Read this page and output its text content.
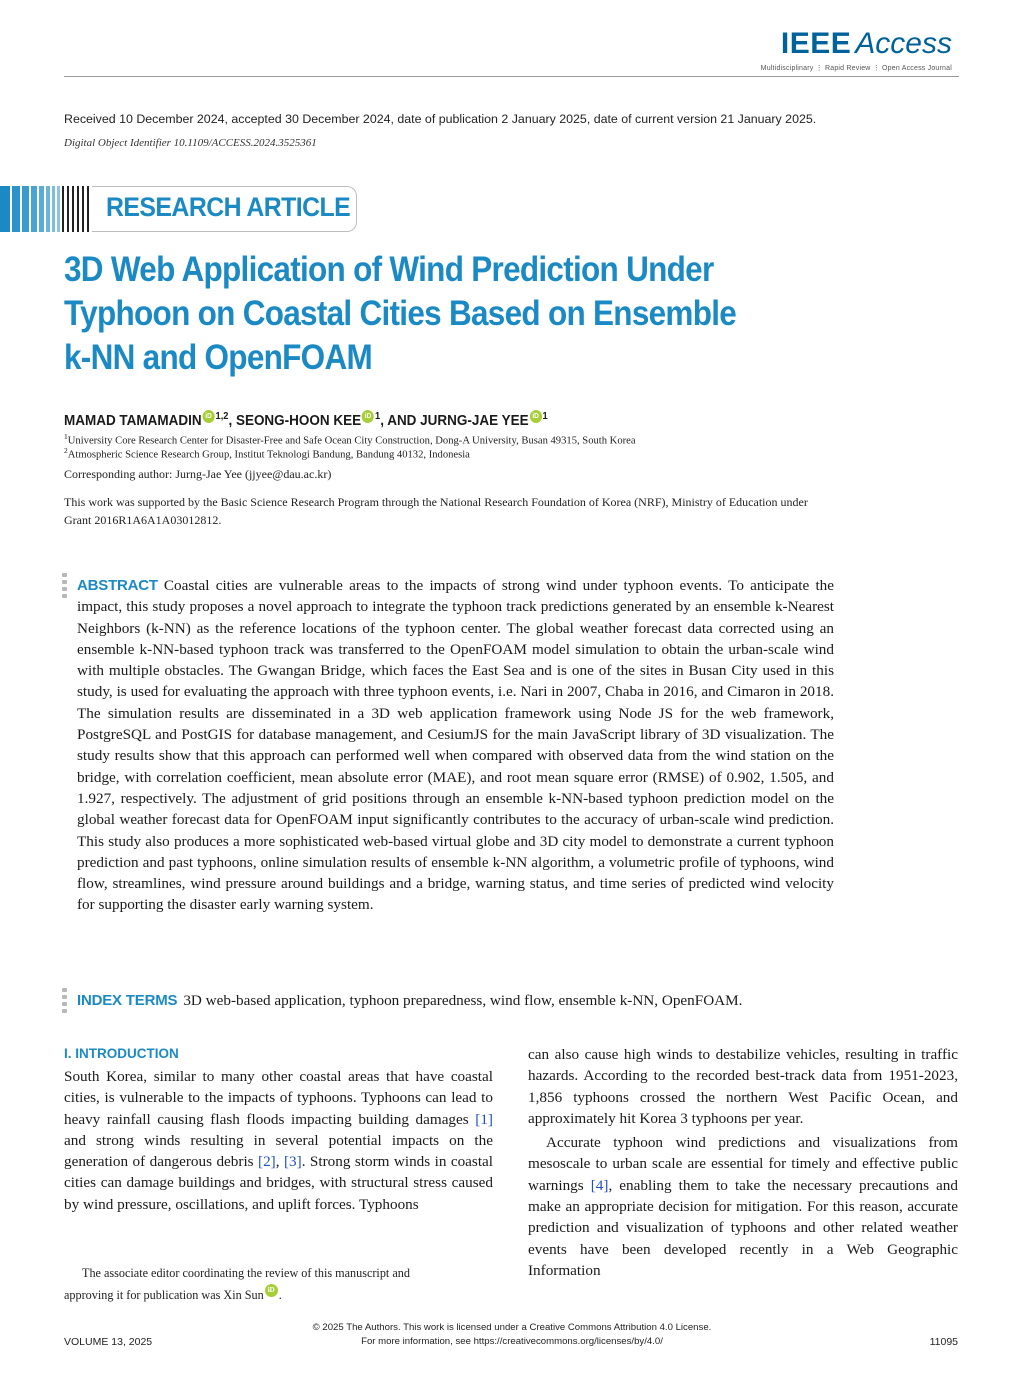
IEEE Access
Multidisciplinary ⋮ Rapid Review ⋮ Open Access Journal
Received 10 December 2024, accepted 30 December 2024, date of publication 2 January 2025, date of current version 21 January 2025.
Digital Object Identifier 10.1109/ACCESS.2024.3525361
RESEARCH ARTICLE
3D Web Application of Wind Prediction Under
Typhoon on Coastal Cities Based on Ensemble
k-NN and OpenFOAM
MAMAD TAMAMADIN iD $^{1,2}$, SEONG-HOON KEE iD $^1$, AND JURNG-JAE YEE iD $^1$
$^1$University Core Research Center for Disaster-Free and Safe Ocean City Construction, Dong-A University, Busan 49315, South Korea
$^2$Atmospheric Science Research Group, Institut Teknologi Bandung, Bandung 40132, Indonesia
Corresponding author: Jurng-Jae Yee (jjyee@dau.ac.kr)
This work was supported by the Basic Science Research Program through the National Research Foundation of Korea (NRF), Ministry of Education under Grant 2016R1A6A1A03012812.
ABSTRACT Coastal cities are vulnerable areas to the impacts of strong wind under typhoon events. To anticipate the impact, this study proposes a novel approach to integrate the typhoon track predictions generated by an ensemble k-Nearest Neighbors (k-NN) as the reference locations of the typhoon center. The global weather forecast data corrected using an ensemble k-NN-based typhoon track was transferred to the OpenFOAM model simulation to obtain the urban-scale wind with multiple obstacles. The Gwangan Bridge, which faces the East Sea and is one of the sites in Busan City used in this study, is used for evaluating the approach with three typhoon events, i.e. Nari in 2007, Chaba in 2016, and Cimaron in 2018. The simulation results are disseminated in a 3D web application framework using Node JS for the web framework, PostgreSQL and PostGIS for database management, and CesiumJS for the main JavaScript library of 3D visualization. The study results show that this approach can performed well when compared with observed data from the wind station on the bridge, with correlation coefficient, mean absolute error (MAE), and root mean square error (RMSE) of 0.902, 1.505, and 1.927, respectively. The adjustment of grid positions through an ensemble k-NN-based typhoon prediction model on the global weather forecast data for OpenFOAM input significantly contributes to the accuracy of urban-scale wind prediction. This study also produces a more sophisticated web-based virtual globe and 3D city model to demonstrate a current typhoon prediction and past typhoons, online simulation results of ensemble k-NN algorithm, a volumetric profile of typhoons, wind flow, streamlines, wind pressure around buildings and a bridge, warning status, and time series of predicted wind velocity for supporting the disaster early warning system.
INDEX TERMS 3D web-based application, typhoon preparedness, wind flow, ensemble k-NN, OpenFOAM.
I. INTRODUCTION
South Korea, similar to many other coastal areas that have coastal cities, is vulnerable to the impacts of typhoons. Typhoons can lead to heavy rainfall causing flash floods impacting building damages [1] and strong winds resulting in several potential impacts on the generation of dangerous debris [2], [3]. Strong storm winds in coastal cities can damage buildings and bridges, with structural stress caused by wind pressure, oscillations, and uplift forces. Typhoons

can also cause high winds to destabilize vehicles, resulting in traffic hazards. According to the recorded best-track data from 1951-2023, 1,856 typhoons crossed the northern West Pacific Ocean, and approximately hit Korea 3 typhoons per year.

Accurate typhoon wind predictions and visualizations from mesoscale to urban scale are essential for timely and effective public warnings [4], enabling them to take the necessary precautions and make an appropriate decision for mitigation. For this reason, accurate prediction and visualization of typhoons and other related weather events have been developed recently in a Web Geographic Information

The associate editor coordinating the review of this manuscript and
approving it for publication was Xin Sun iD .
© 2025 The Authors. This work is licensed under a Creative Commons Attribution 4.0 License.
For more information, see https://creativecommons.org/licenses/by/4.0/
VOLUME 13, 2025	11095
